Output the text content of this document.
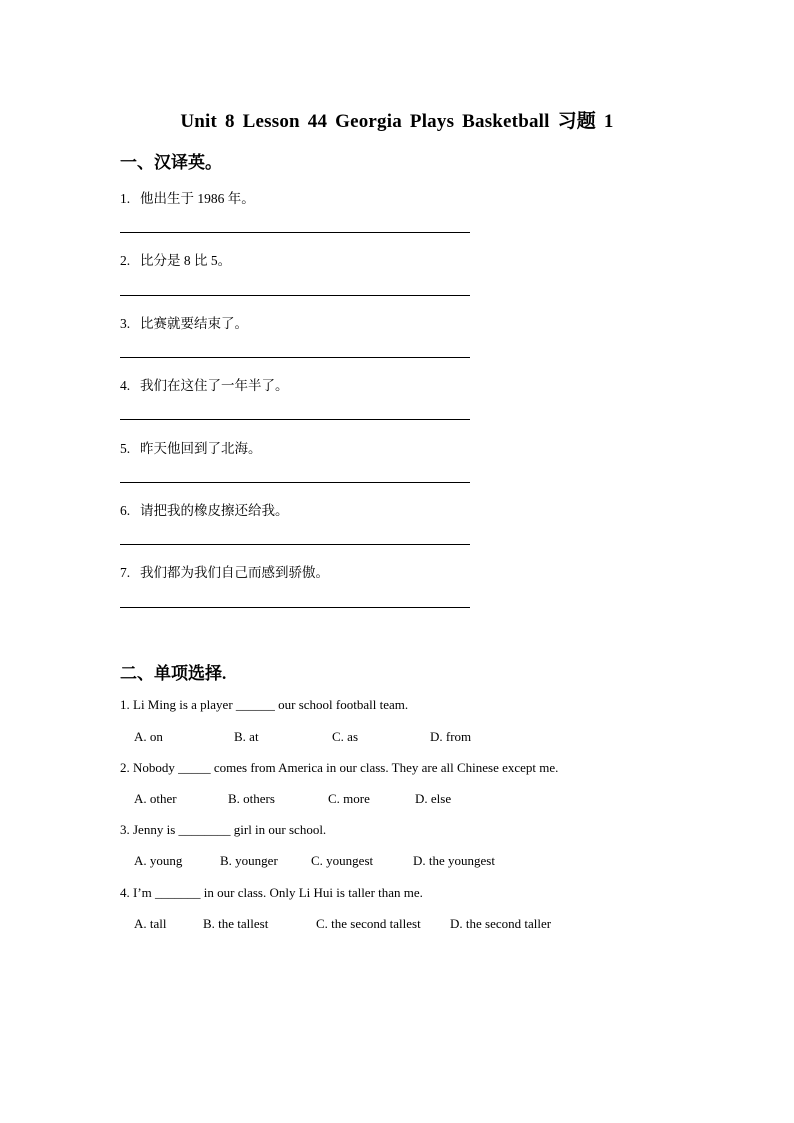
Unit 8 Lesson 44 Georgia Plays Basketball 习题 1
一、汉译英。
1. 他出生于 1986 年。
2. 比分是 8 比 5。
3. 比赛就要结束了。
4. 我们在这住了一年半了。
5. 昨天他回到了北海。
6. 请把我的橡皮擦还给我。
7. 我们都为我们自己而感到骄傲。
二、单项选择.
1. Li Ming is a player ______ our school football team.
A. on	B. at	C. as	D. from
2. Nobody _____ comes from America in our class. They are all Chinese except me.
A. other	B. others	C. more	D. else
3. Jenny is ________ girl in our school.
A. young	B. younger	C. youngest	D. the youngest
4. I’m _______ in our class. Only Li Hui is taller than me.
A. tall	B. the tallest	C. the second tallest D. the second taller
